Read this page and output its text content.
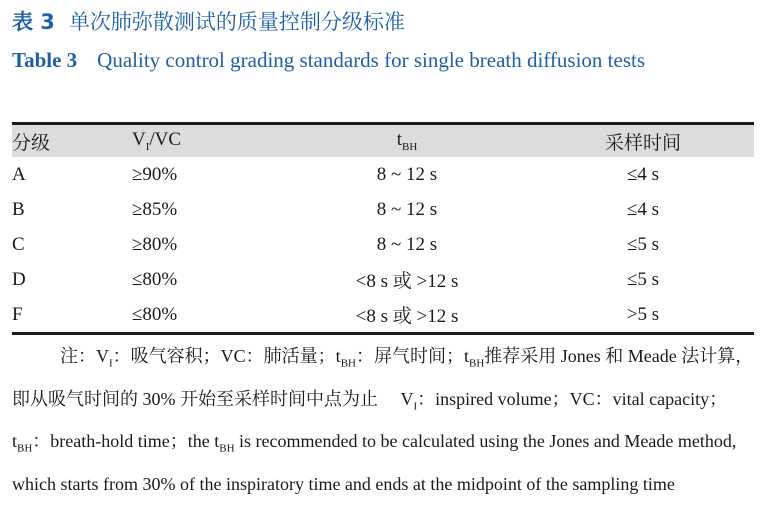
表 3 单次肺弥散测试的质量控制分级标准
Table 3 Quality control grading standards for single breath diffusion tests
分级	$V_I/VC$	$t_{BH}$	采样时间
A	≥90%	8 ~ 12 s	≤4 s
B	≥85%	8 ~ 12 s	≤4 s
C	≥80%	8 ~ 12 s	≤5 s
D	≤80%	<8 s 或 >12 s	≤5 s
F	≤80%	<8 s 或 >12 s	>5 s
注：$V_I$：吸气容积；VC：肺活量；$t_{BH}$：屏气时间；$t_{BH}$推荐采用 Jones 和 Meade 法计算，即从吸气时间的 30% 开始至采样时间中点为止 　$V_I$：inspired volume；VC：vital capacity；$t_{BH}$：breath-hold time；the $t_{BH}$ is recommended to be calculated using the Jones and Meade method, which starts from 30% of the inspiratory time and ends at the midpoint of the sampling time
